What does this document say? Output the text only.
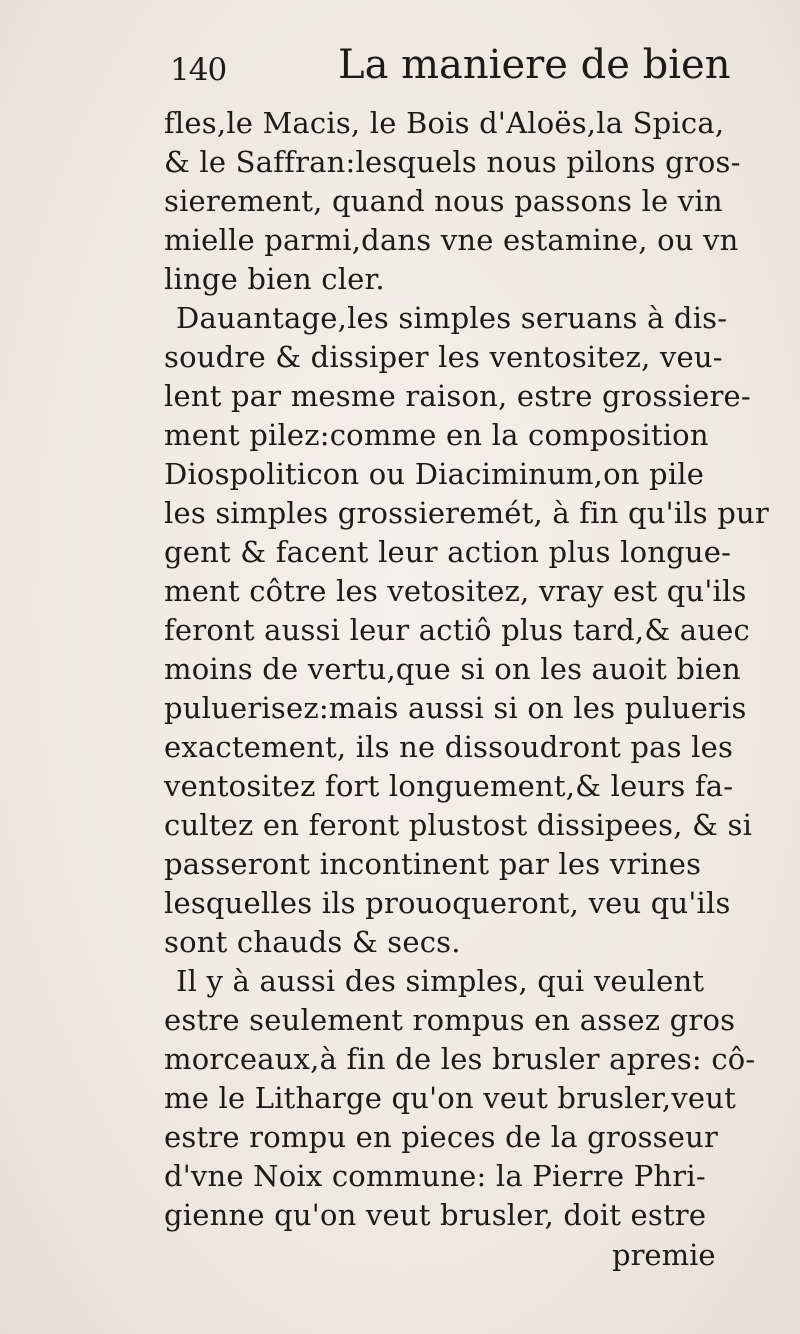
140	La maniere de bien
fles,le Macis, le Bois d'Aloës,la Spica,
& le Saffran:lesquels nous pilons gros-
sierement, quand nous passons le vin
mielle parmi,dans vne estamine, ou vn
linge bien cler.
Dauantage,les simples seruans à dis-
soudre & dissiper les ventositez, veu-
lent par mesme raison, estre grossiere-
ment pilez:comme en la composition
Diospoliticon ou Diaciminum,on pile
les simples grossieremét, à fin qu'ils pur
gent & facent leur action plus longue-
ment côtre les vetositez, vray est qu'ils
feront aussi leur actiô plus tard,& auec
moins de vertu,que si on les auoit bien
puluerisez:mais aussi si on les pulueris
exactement, ils ne dissoudront pas les
ventositez fort longuement,& leurs fa-
cultez en feront plustost dissipees, & si
passeront incontinent par les vrines
lesquelles ils prouoqueront, veu qu'ils
sont chauds & secs.
Il y à aussi des simples, qui veulent
estre seulement rompus en assez gros
morceaux,à fin de les brusler apres: cô-
me le Litharge qu'on veut brusler,veut
estre rompu en pieces de la grosseur
d'vne Noix commune: la Pierre Phri-
gienne qu'on veut brusler, doit estre
premie
